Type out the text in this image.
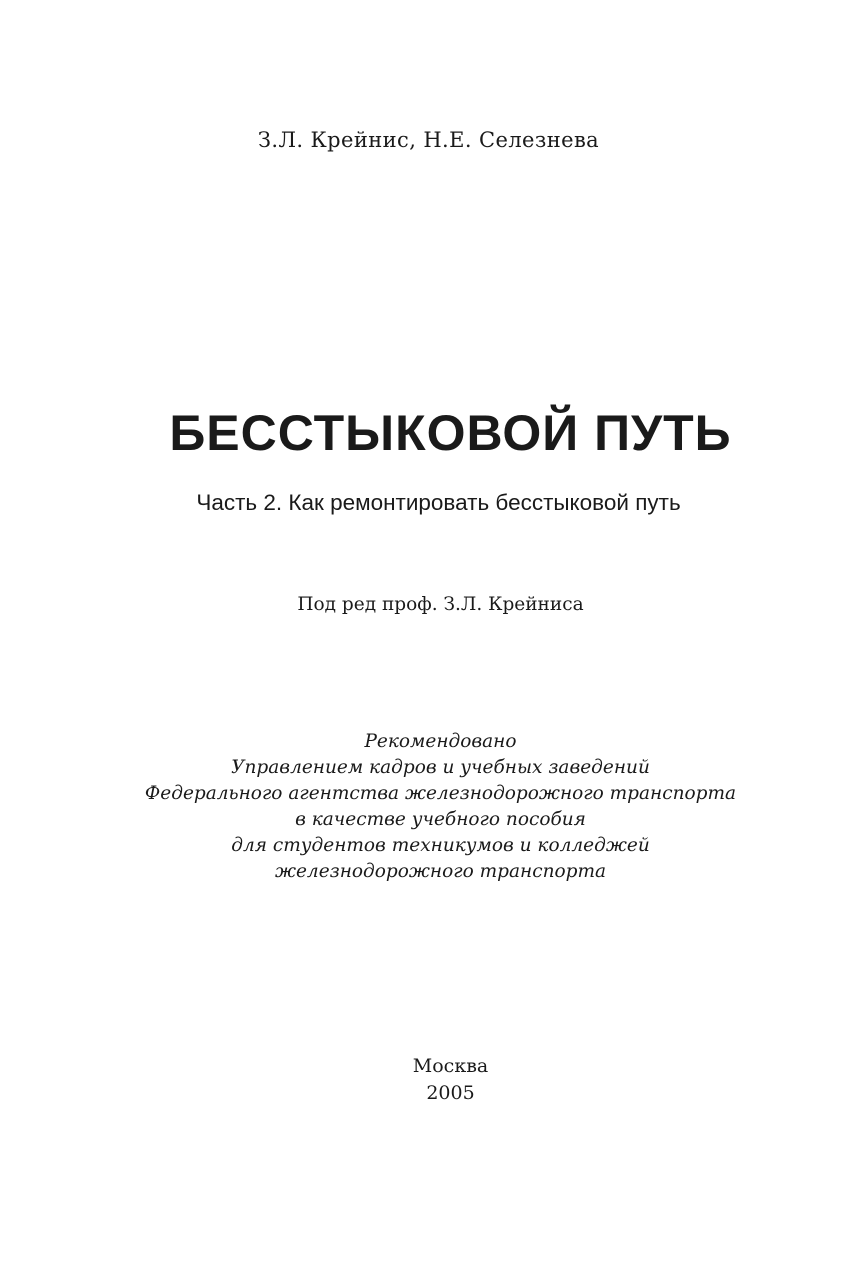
З.Л. Крейнис, Н.Е. Селезнева
БЕССТЫКОВОЙ ПУТЬ
Часть 2. Как ремонтировать бесстыковой путь
Под ред проф. З.Л. Крейниса
Рекомендовано
Управлением кадров и учебных заведений
Федерального агентства железнодорожного транспорта
в качестве учебного пособия
для студентов техникумов и колледжей
железнодорожного транспорта
Москва
2005
